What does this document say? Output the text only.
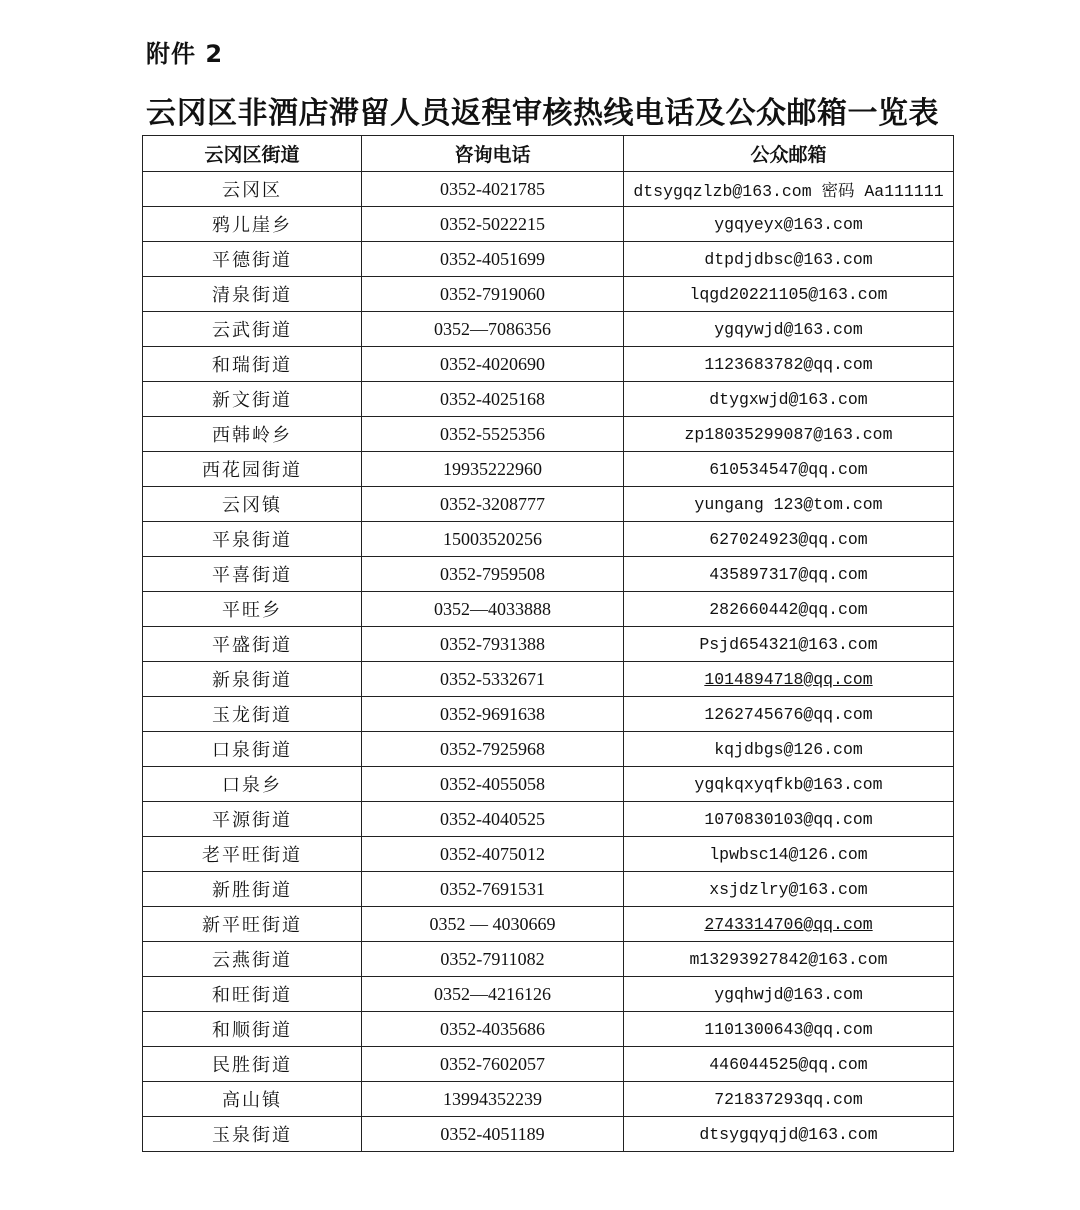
附件 2
云冈区非酒店滞留人员返程审核热线电话及公众邮箱一览表
云冈区街道	咨询电话	公众邮箱
云冈区	0352-4021785	dtsygqzlzb@163.com 密码 Aa111111
鸦儿崖乡	0352-5022215	ygqyeyx@163.com
平德街道	0352-4051699	dtpdjdbsc@163.com
清泉街道	0352-7919060	lqgd20221105@163.com
云武街道	0352—7086356	ygqywjd@163.com
和瑞街道	0352-4020690	1123683782@qq.com
新文街道	0352-4025168	dtygxwjd@163.com
西韩岭乡	0352-5525356	zp18035299087@163.com
西花园街道	19935222960	610534547@qq.com
云冈镇	0352-3208777	yungang 123@tom.com
平泉街道	15003520256	627024923@qq.com
平喜街道	0352-7959508	435897317@qq.com
平旺乡	0352—4033888	282660442@qq.com
平盛街道	0352-7931388	Psjd654321@163.com
新泉街道	0352-5332671	1014894718@qq.com
玉龙街道	0352-9691638	1262745676@qq.com
口泉街道	0352-7925968	kqjdbgs@126.com
口泉乡	0352-4055058	ygqkqxyqfkb@163.com
平源街道	0352-4040525	1070830103@qq.com
老平旺街道	0352-4075012	lpwbsc14@126.com
新胜街道	0352-7691531	xsjdzlry@163.com
新平旺街道	0352 — 4030669	2743314706@qq.com
云燕街道	0352-7911082	m13293927842@163.com
和旺街道	0352—4216126	ygqhwjd@163.com
和顺街道	0352-4035686	1101300643@qq.com
民胜街道	0352-7602057	446044525@qq.com
高山镇	13994352239	721837293qq.com
玉泉街道	0352-4051189	dtsygqyqjd@163.com
